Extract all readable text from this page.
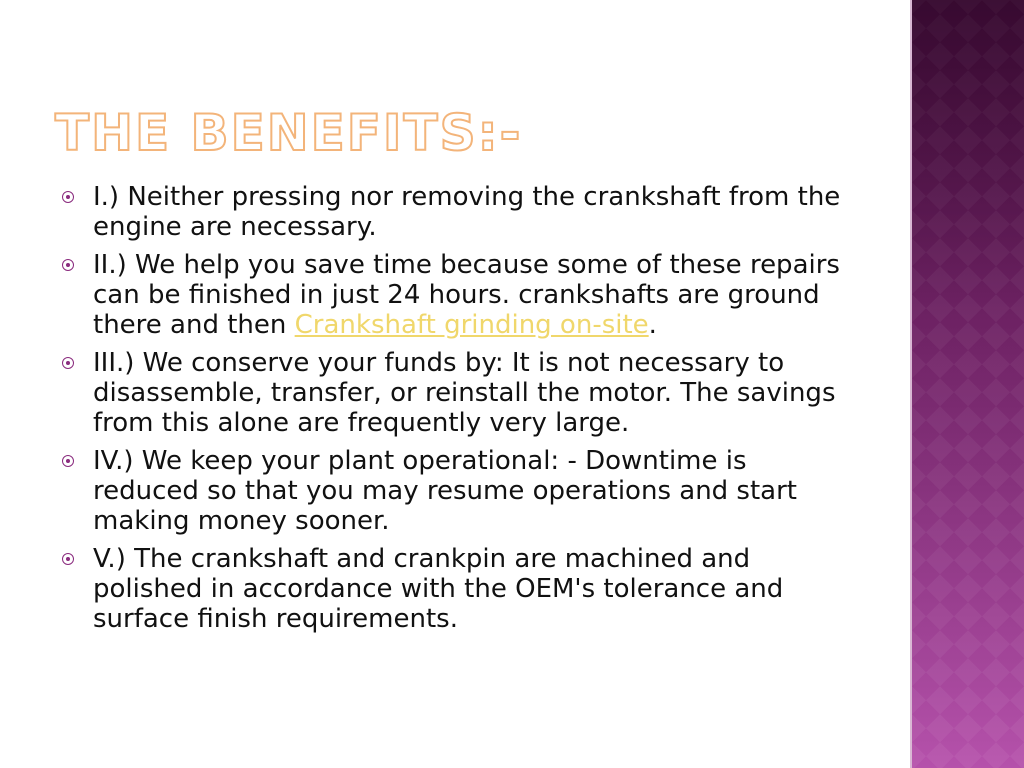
THE BENEFITS:-
I.) Neither pressing nor removing the crankshaft from the engine are necessary.
II.) We help you save time because some of these repairs can be finished in just 24 hours. crankshafts are ground there and then Crankshaft grinding on-site.
III.) We conserve your funds by: It is not necessary to disassemble, transfer, or reinstall the motor. The savings from this alone are frequently very large.
IV.) We keep your plant operational: - Downtime is reduced so that you may resume operations and start making money sooner.
V.) The crankshaft and crankpin are machined and polished in accordance with the OEM's tolerance and surface finish requirements.
